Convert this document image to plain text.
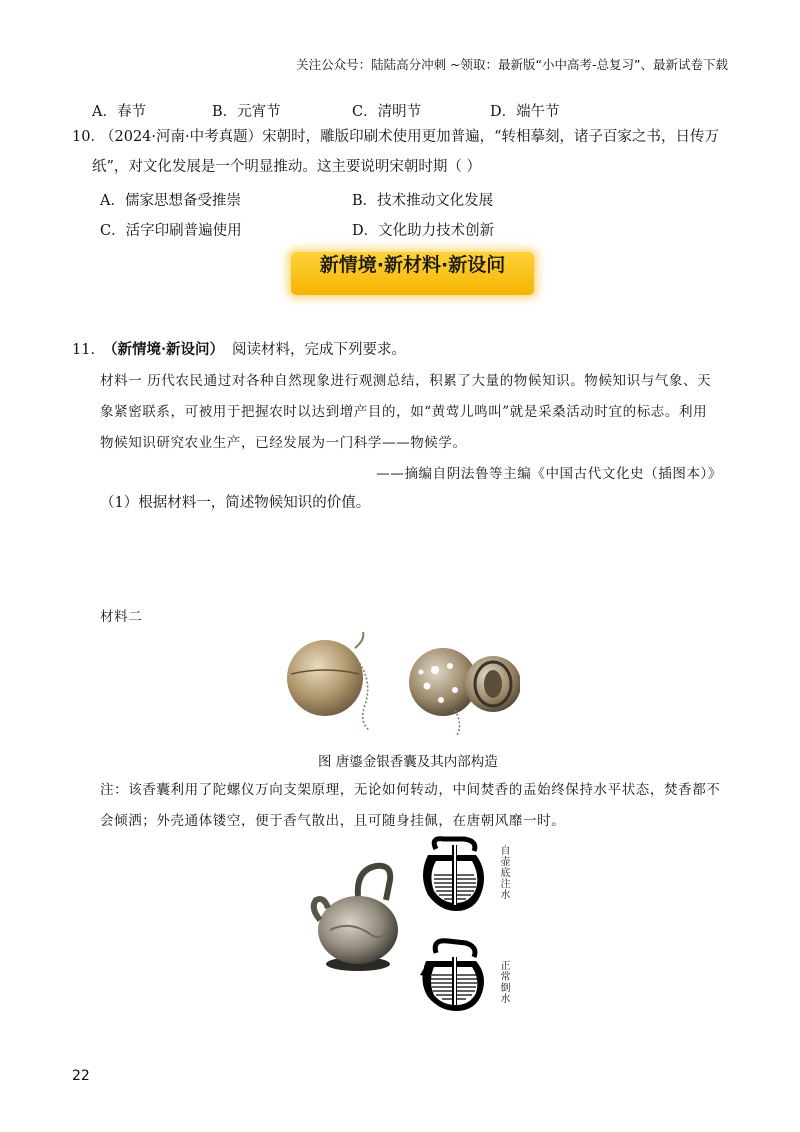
关注公众号：陆陆高分冲刺 ~领取：最新版“小中高考-总复习”、最新试卷下载
A．春节	B．元宵节	C．清明节	D．端午节
10．
（2024·河南·中考真题）宋朝时，雕版印刷术使用更加普遍，“转相摹刻，诸子百家之书，日传万
纸”，对文化发展是一个明显推动。这主要说明宋朝时期（ ）
A．儒家思想备受推崇	B．技术推动文化发展
C．活字印刷普遍使用	D．文化助力技术创新
新情境·新材料·新设问
11．
（新情境·新设问） 阅读材料，完成下列要求。
材料一 历代农民通过对各种自然现象进行观测总结，积累了大量的物候知识。物候知识与气象、天
象紧密联系，可被用于把握农时以达到增产目的，如“黄莺儿鸣叫”就是采桑活动时宜的标志。利用
物候知识研究农业生产，已经发展为一门科学——物候学。
——摘编自阴法鲁等主编《中国古代文化史（插图本）》
（1）根据材料一，简述物候知识的价值。
材料二
图 唐鎏金银香囊及其内部构造
注：该香囊利用了陀螺仪万向支架原理，无论如何转动，中间焚香的盂始终保持水平状态，焚香都不
会倾洒；外壳通体镂空，便于香气散出，且可随身挂佩，在唐朝风靡一时。
自壶底注水
正常倒水
22
